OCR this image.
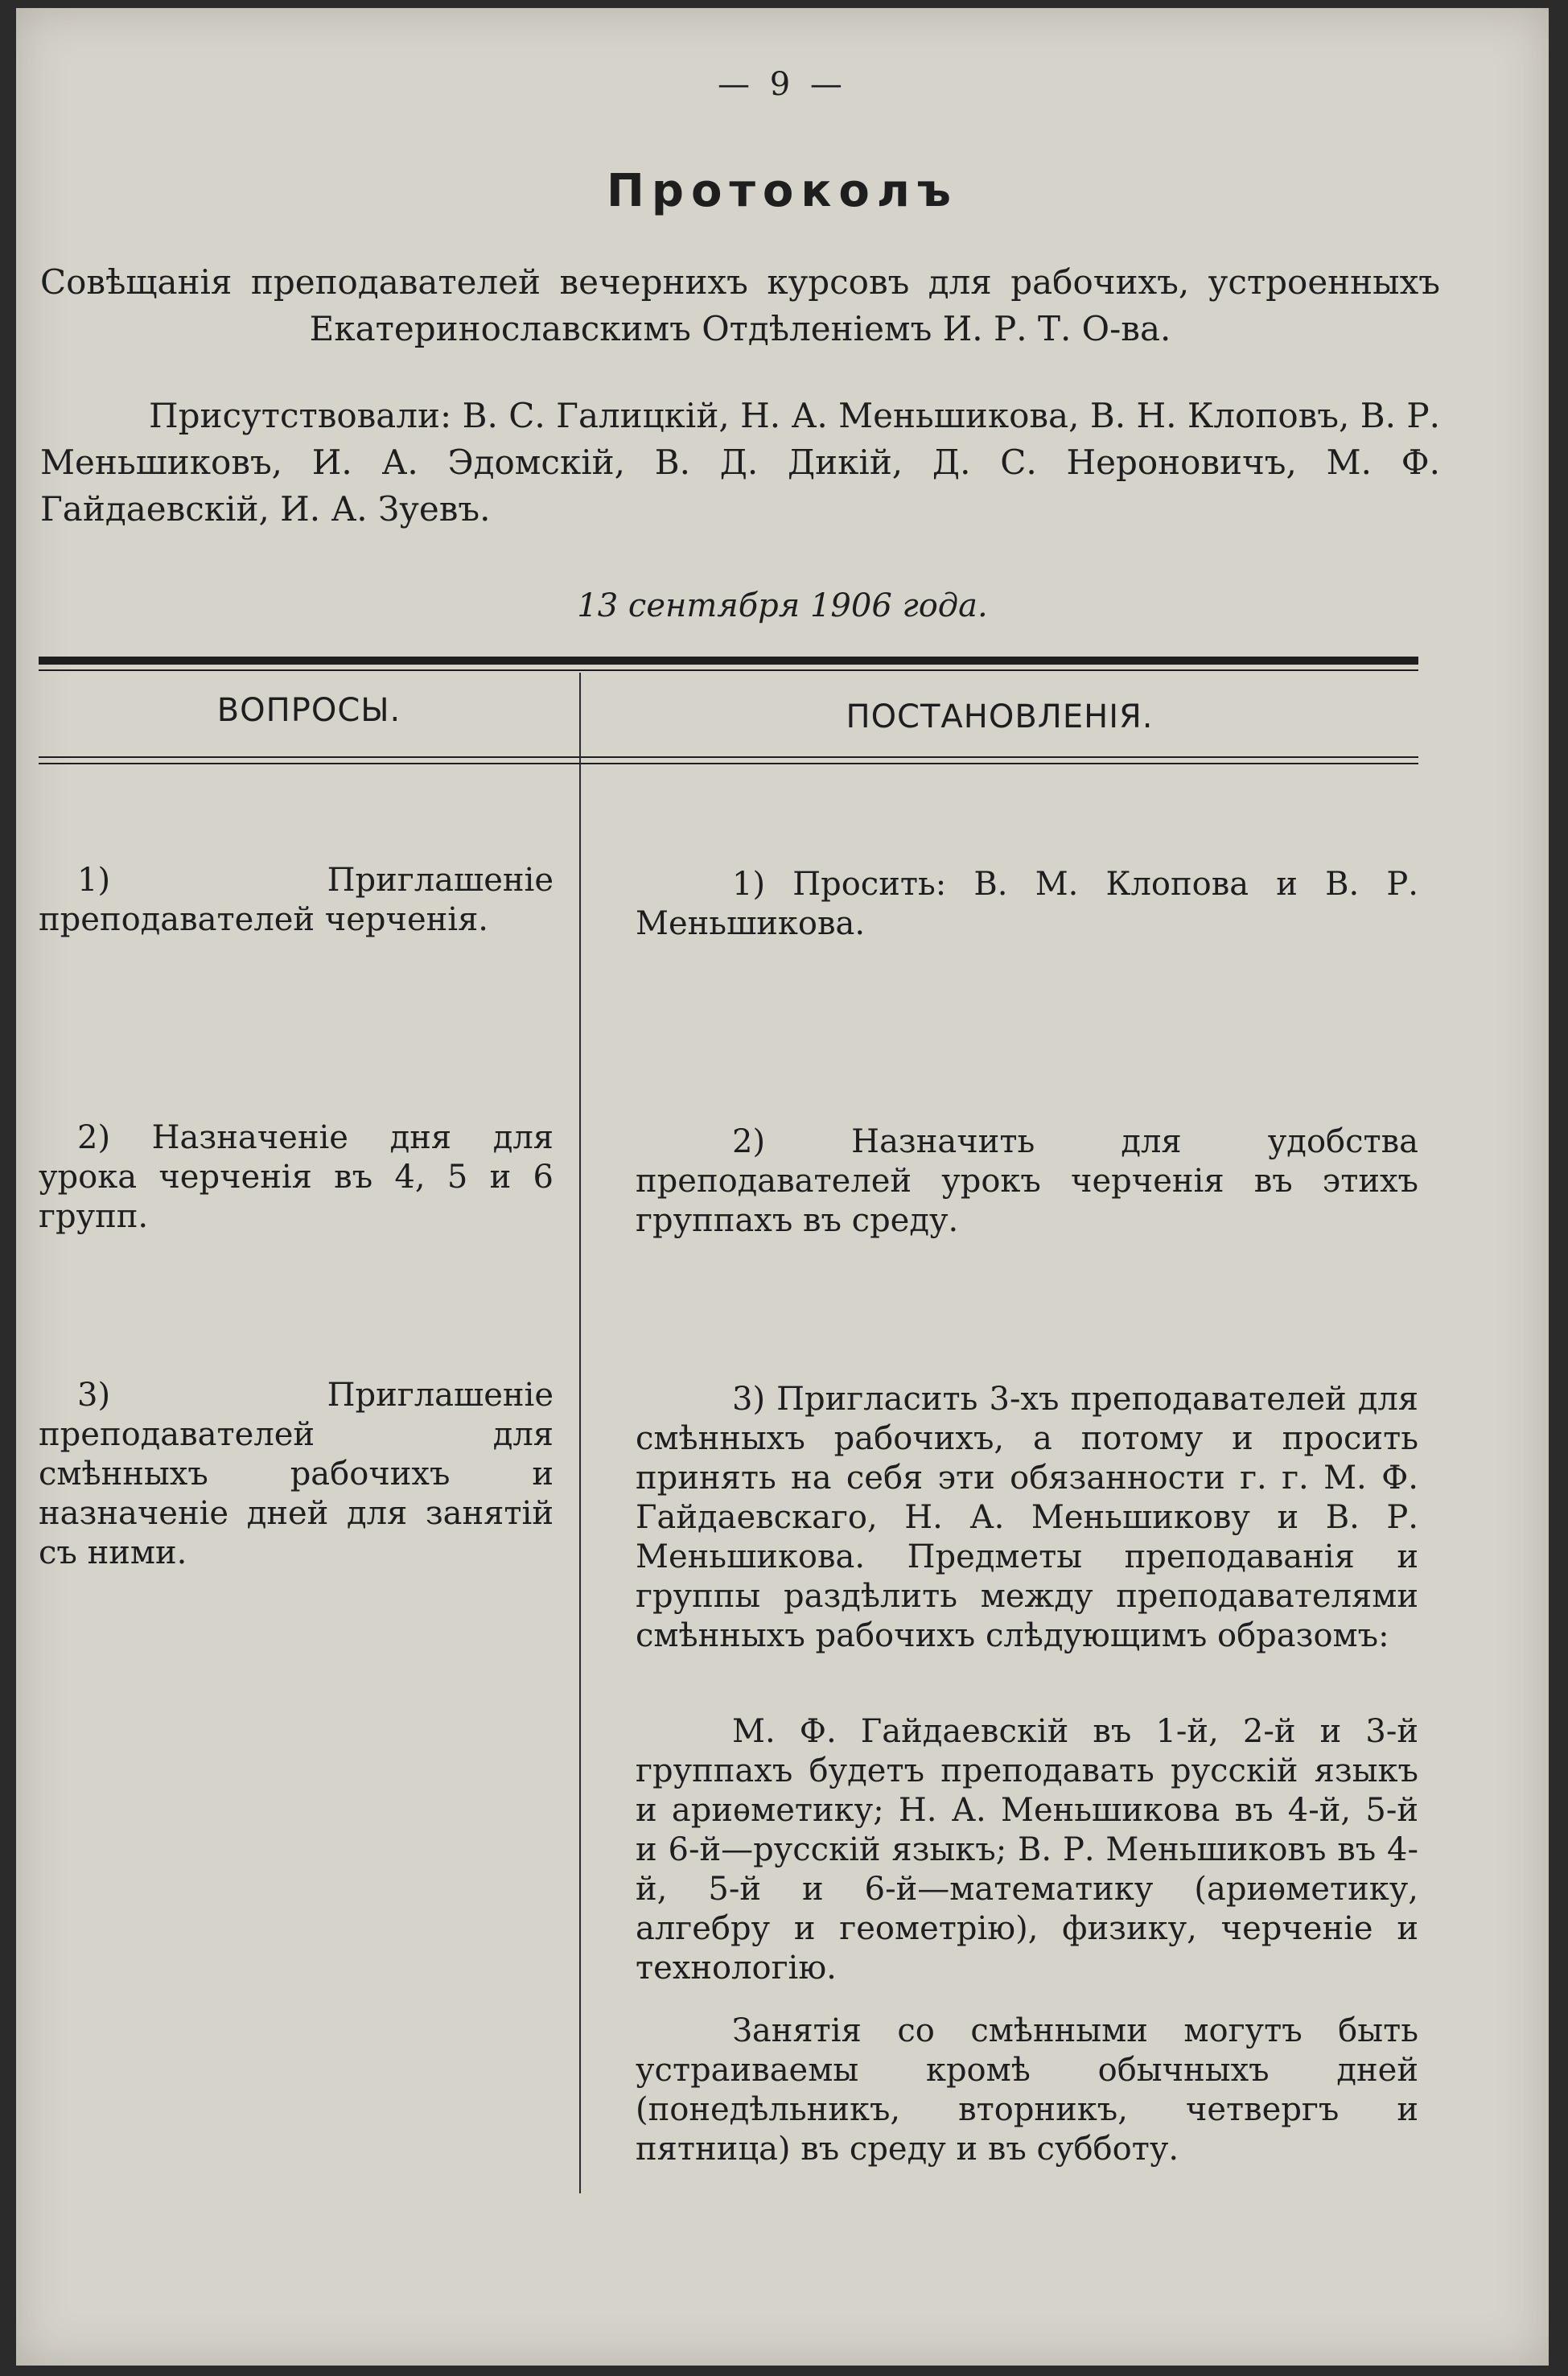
— 9 —
Протоколъ
Совѣщанія преподавателей вечернихъ курсовъ для рабочихъ, устроенныхъ Екатеринославскимъ Отдѣленіемъ И. Р. Т. О-ва.
Присутствовали: В. С. Галицкій, Н. А. Меньшикова, В. Н. Клоповъ, В. Р. Меньшиковъ, И. А. Эдомскій, В. Д. Дикій, Д. С. Нероновичъ, М. Ф. Гайдаевскій, И. А. Зуевъ.
13 сентября 1906 года.
ВОПРОСЫ.	ПОСТАНОВЛЕНІЯ.
1) Приглашеніе преподавателей черченія.
2) Назначеніе дня для урока черченія въ 4, 5 и 6 групп.
3) Приглашеніе преподавателей для смѣнныхъ рабочихъ и назначеніе дней для занятій съ ними.
1) Просить: В. М. Клопова и В. Р. Меньшикова.
2) Назначить для удобства преподавателей урокъ черченія въ этихъ группахъ въ среду.
3) Пригласить 3-хъ преподавателей для смѣнныхъ рабочихъ, а потому и просить принять на себя эти обязанности г. г. М. Ф. Гайдаевскаго, Н. А. Меньшикову и В. Р. Меньшикова. Предметы преподаванія и группы раздѣлить между преподавателями смѣнныхъ рабочихъ слѣдующимъ образомъ:
М. Ф. Гайдаевскій въ 1-й, 2-й и 3-й группахъ будетъ преподавать русскій языкъ и ариѳметику; Н. А. Меньшикова въ 4-й, 5-й и 6-й—русскій языкъ; В. Р. Меньшиковъ въ 4-й, 5-й и 6-й—математику (ариѳметику, алгебру и геометрію), физику, черченіе и технологію.
Занятія со смѣнными могутъ быть устраиваемы кромѣ обычныхъ дней (понедѣльникъ, вторникъ, четвергъ и пятница) въ среду и въ субботу.
